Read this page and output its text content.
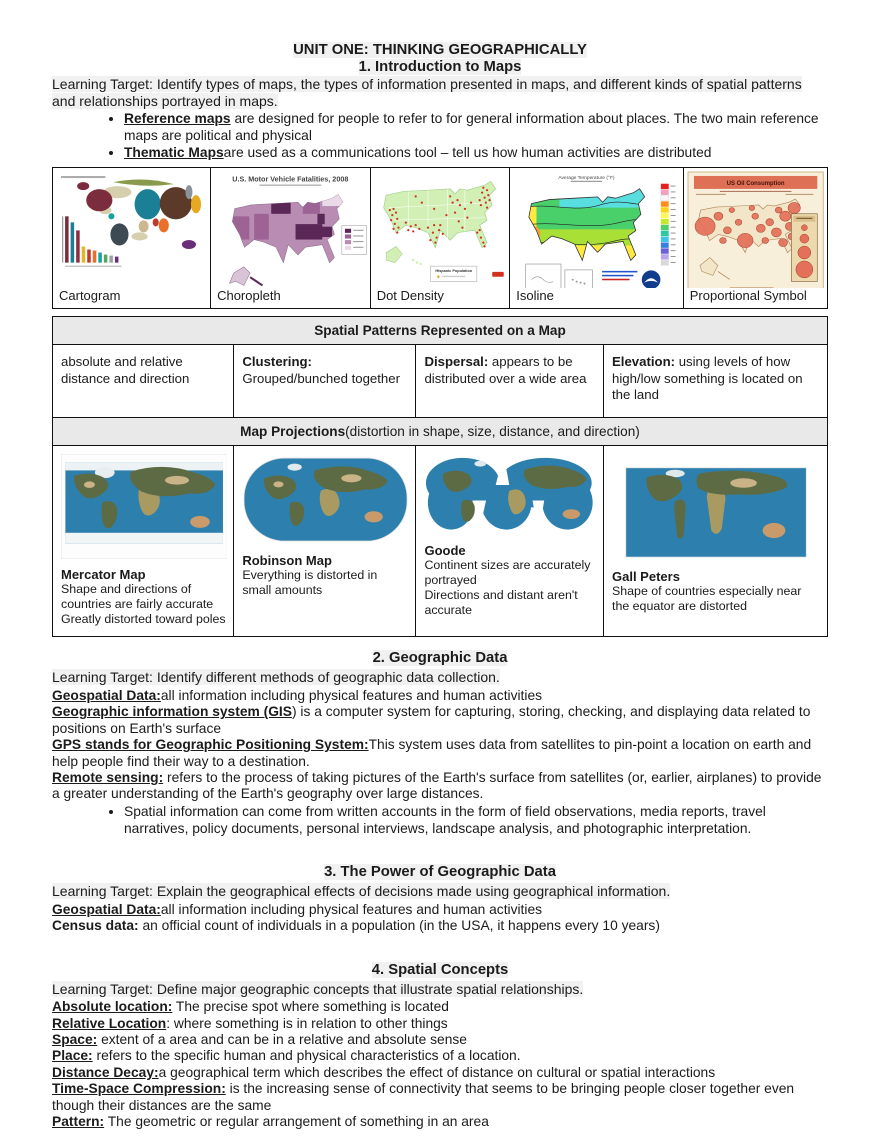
UNIT ONE: THINKING GEOGRAPHICALLY
1. Introduction to Maps
Learning Target: Identify types of maps, the types of information presented in maps, and different kinds of spatial patterns and relationships portrayed in maps.
• Reference maps are designed for people to refer to for general information about places. The two main reference maps are political and physical
• Thematic Mapsare used as a communications tool – tell us how human activities are distributed
Cartogram

U.S. Motor Vehicle Fatalities, 2008
Choropleth

Hispanic Population
Dot Density

Average Temperature (°F)
Isoline

US Oil Consumption
Proportional Symbol
Spatial Patterns Represented on a Map			
absolute and relative distance and direction	Clustering: Grouped/bunched together	Dispersal: appears to be distributed over a wide area	Elevation: using levels of how high/low something is located on the land
Map Projections(distortion in shape, size, distance, and direction)			

Mercator Map
Shape and directions of countries are fairly accurate
Greatly distorted toward poles

Robinson Map
Everything is distorted in small amounts

Goode
Continent sizes are accurately portrayed
Directions and distant aren't accurate

Gall Peters
Shape of countries especially near the equator are distorted
2. Geographic Data
Learning Target: Identify different methods of geographic data collection.
Geospatial Data:all information including physical features and human activities
Geographic information system (GIS) is a computer system for capturing, storing, checking, and displaying data related to positions on Earth's surface
GPS stands for Geographic Positioning System:This system uses data from satellites to pin-point a location on earth and help people find their way to a destination.
Remote sensing: refers to the process of taking pictures of the Earth's surface from satellites (or, earlier, airplanes) to provide a greater understanding of the Earth's geography over large distances.
• Spatial information can come from written accounts in the form of field observations, media reports, travel narratives, policy documents, personal interviews, landscape analysis, and photographic interpretation.
3. The Power of Geographic Data
Learning Target: Explain the geographical effects of decisions made using geographical information.
Geospatial Data:all information including physical features and human activities
Census data: an official count of individuals in a population (in the USA, it happens every 10 years)
4. Spatial Concepts
Learning Target: Define major geographic concepts that illustrate spatial relationships.
Absolute location: The precise spot where something is located
Relative Location: where something is in relation to other things
Space: extent of a area and can be in a relative and absolute sense
Place: refers to the specific human and physical characteristics of a location.
Distance Decay:a geographical term which describes the effect of distance on cultural or spatial interactions
Time-Space Compression: is the increasing sense of connectivity that seems to be bringing people closer together even though their distances are the same
Pattern: The geometric or regular arrangement of something in an area
